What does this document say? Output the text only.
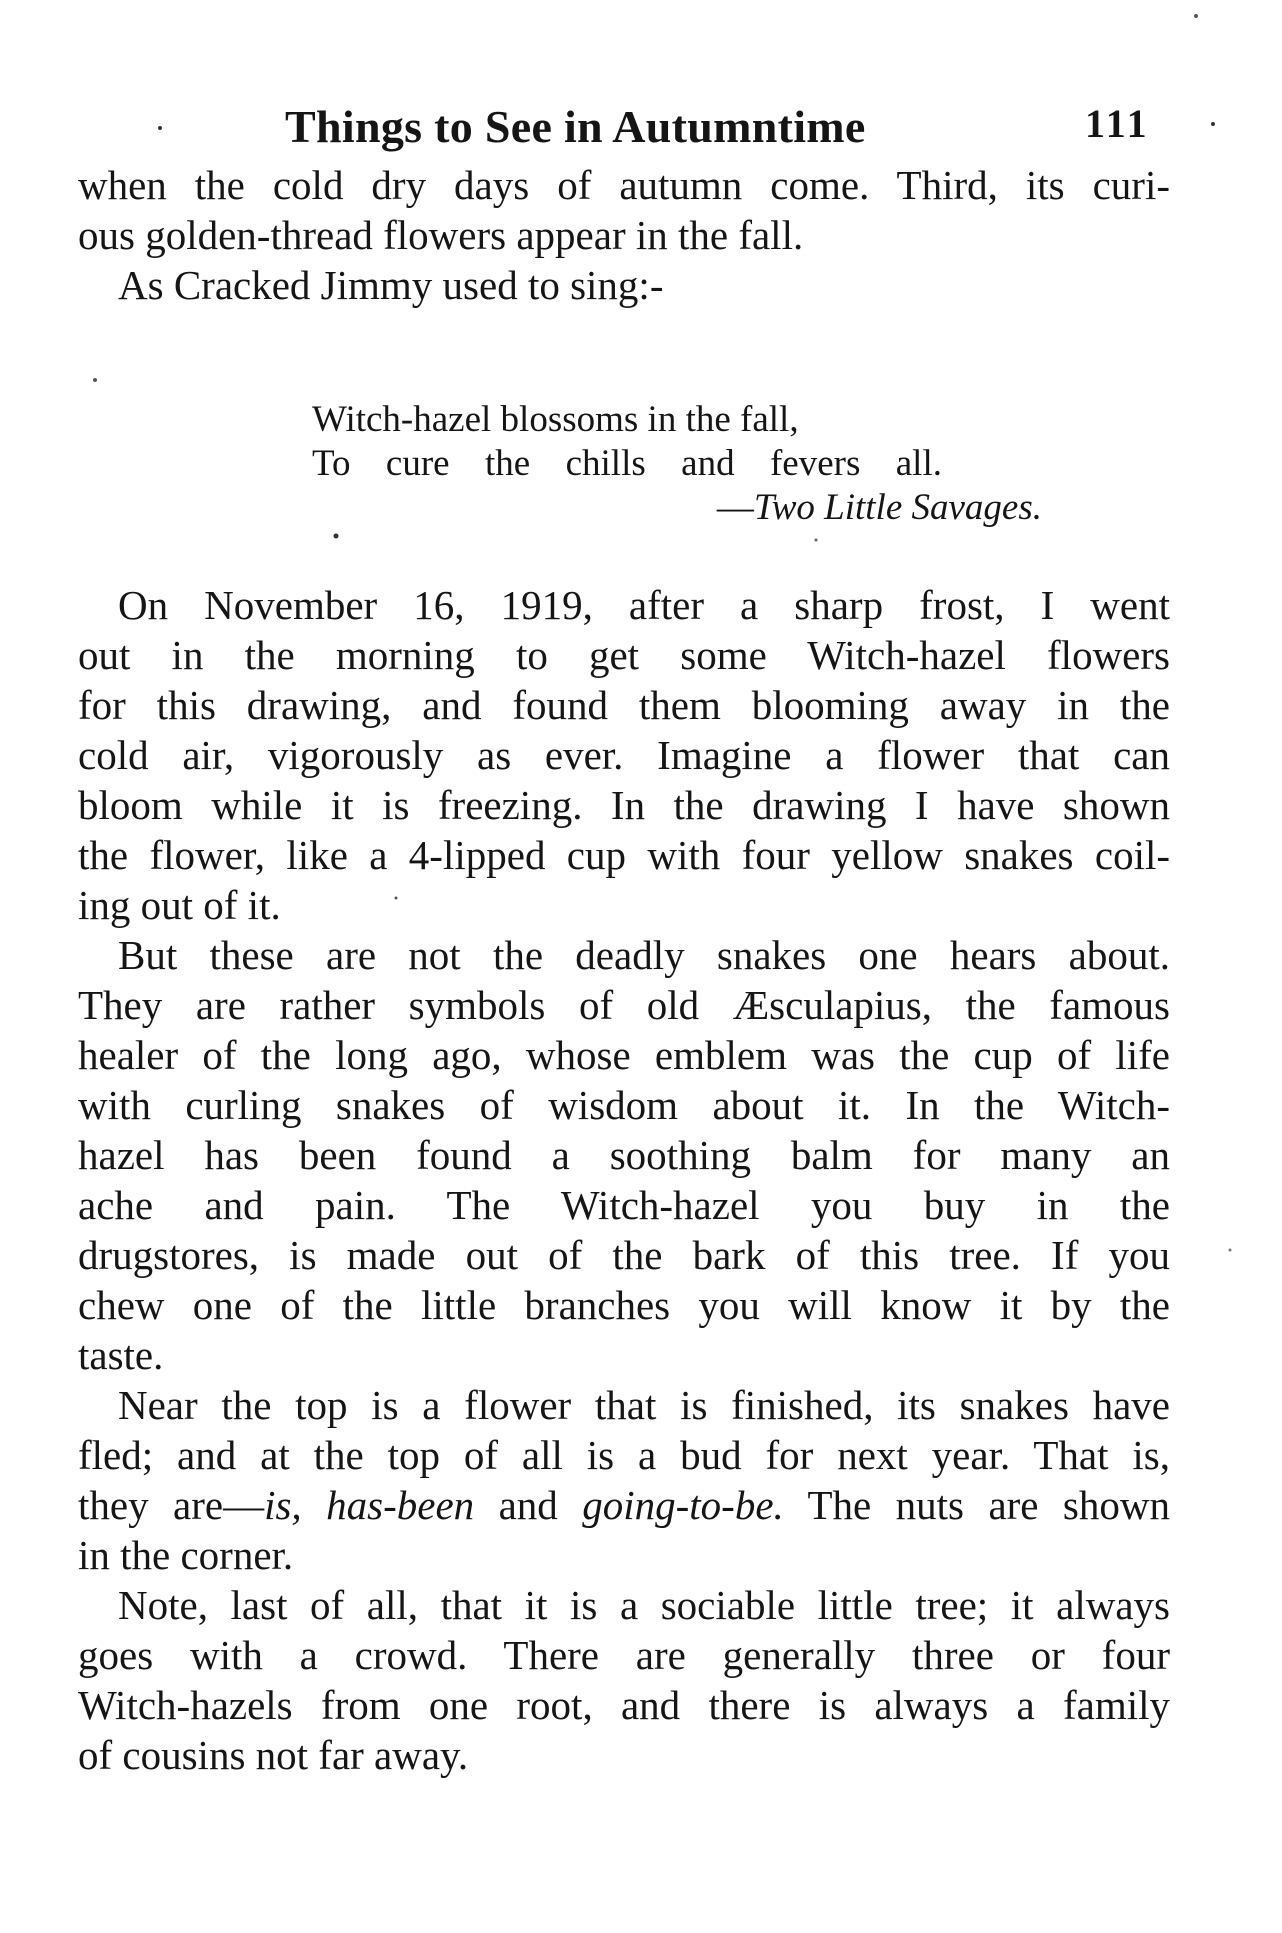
Things to See in Autumntime	111
when the cold dry days of autumn come. Third, its curi-
ous golden-thread flowers appear in the fall.
As Cracked Jimmy used to sing:-
Witch-hazel blossoms in the fall,
To cure the chills and fevers all.
—Two Little Savages.
On November 16, 1919, after a sharp frost, I went
out in the morning to get some Witch-hazel flowers
for this drawing, and found them blooming away in the
cold air, vigorously as ever. Imagine a flower that can
bloom while it is freezing. In the drawing I have shown
the flower, like a 4-lipped cup with four yellow snakes coil-
ing out of it.
But these are not the deadly snakes one hears about.
They are rather symbols of old Æsculapius, the famous
healer of the long ago, whose emblem was the cup of life
with curling snakes of wisdom about it. In the Witch-
hazel has been found a soothing balm for many an
ache and pain. The Witch-hazel you buy in the
drugstores, is made out of the bark of this tree. If you
chew one of the little branches you will know it by the
taste.
Near the top is a flower that is finished, its snakes have
fled; and at the top of all is a bud for next year. That is,
they are—is, has-been and going-to-be. The nuts are shown
in the corner.
Note, last of all, that it is a sociable little tree; it always
goes with a crowd. There are generally three or four
Witch-hazels from one root, and there is always a family
of cousins not far away.
